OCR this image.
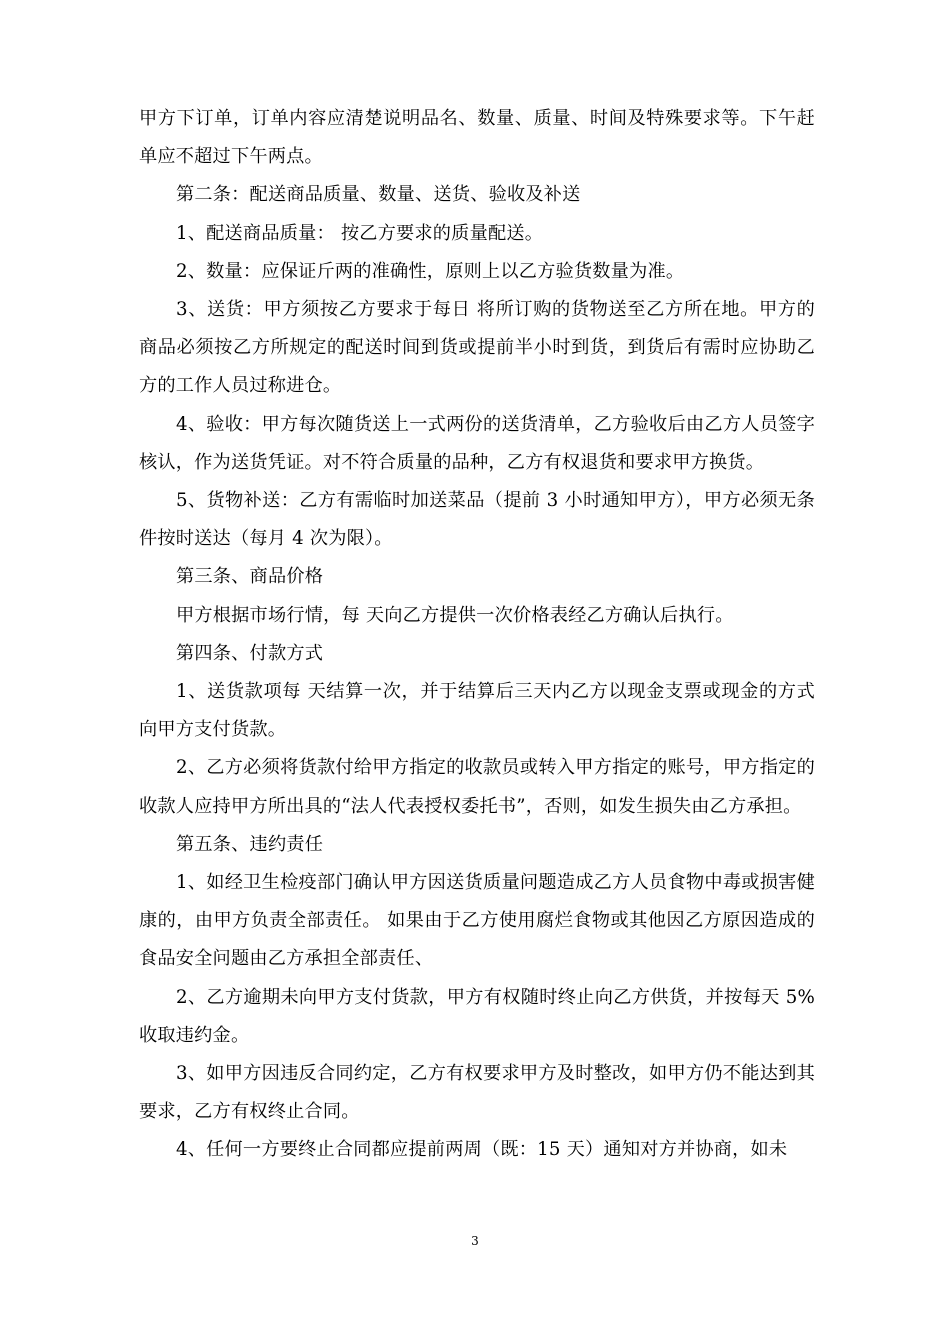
甲方下订单，订单内容应清楚说明品名、数量、质量、时间及特殊要求等。下午赶单应不超过下午两点。

第二条：配送商品质量、数量、送货、验收及补送

1、配送商品质量： 按乙方要求的质量配送。

2、数量：应保证斤两的准确性，原则上以乙方验货数量为准。

3、送货：甲方须按乙方要求于每日 将所订购的货物送至乙方所在地。甲方的商品必须按乙方所规定的配送时间到货或提前半小时到货，到货后有需时应协助乙方的工作人员过称进仓。

4、验收：甲方每次随货送上一式两份的送货清单，乙方验收后由乙方人员签字核认，作为送货凭证。对不符合质量的品种，乙方有权退货和要求甲方换货。

5、货物补送：乙方有需临时加送菜品（提前 3 小时通知甲方），甲方必须无条件按时送达（每月 4 次为限）。

第三条、商品价格

甲方根据市场行情，每 天向乙方提供一次价格表经乙方确认后执行。

第四条、付款方式

1、送货款项每 天结算一次，并于结算后三天内乙方以现金支票或现金的方式向甲方支付货款。

2、乙方必须将货款付给甲方指定的收款员或转入甲方指定的账号，甲方指定的收款人应持甲方所出具的“法人代表授权委托书”，否则，如发生损失由乙方承担。

第五条、违约责任

1、如经卫生检疫部门确认甲方因送货质量问题造成乙方人员食物中毒或损害健康的，由甲方负责全部责任。 如果由于乙方使用腐烂食物或其他因乙方原因造成的食品安全问题由乙方承担全部责任、

2、乙方逾期未向甲方支付货款，甲方有权随时终止向乙方供货，并按每天 5%收取违约金。

3、如甲方因违反合同约定，乙方有权要求甲方及时整改，如甲方仍不能达到其要求，乙方有权终止合同。

4、任何一方要终止合同都应提前两周（既：15 天）通知对方并协商，如未

3
